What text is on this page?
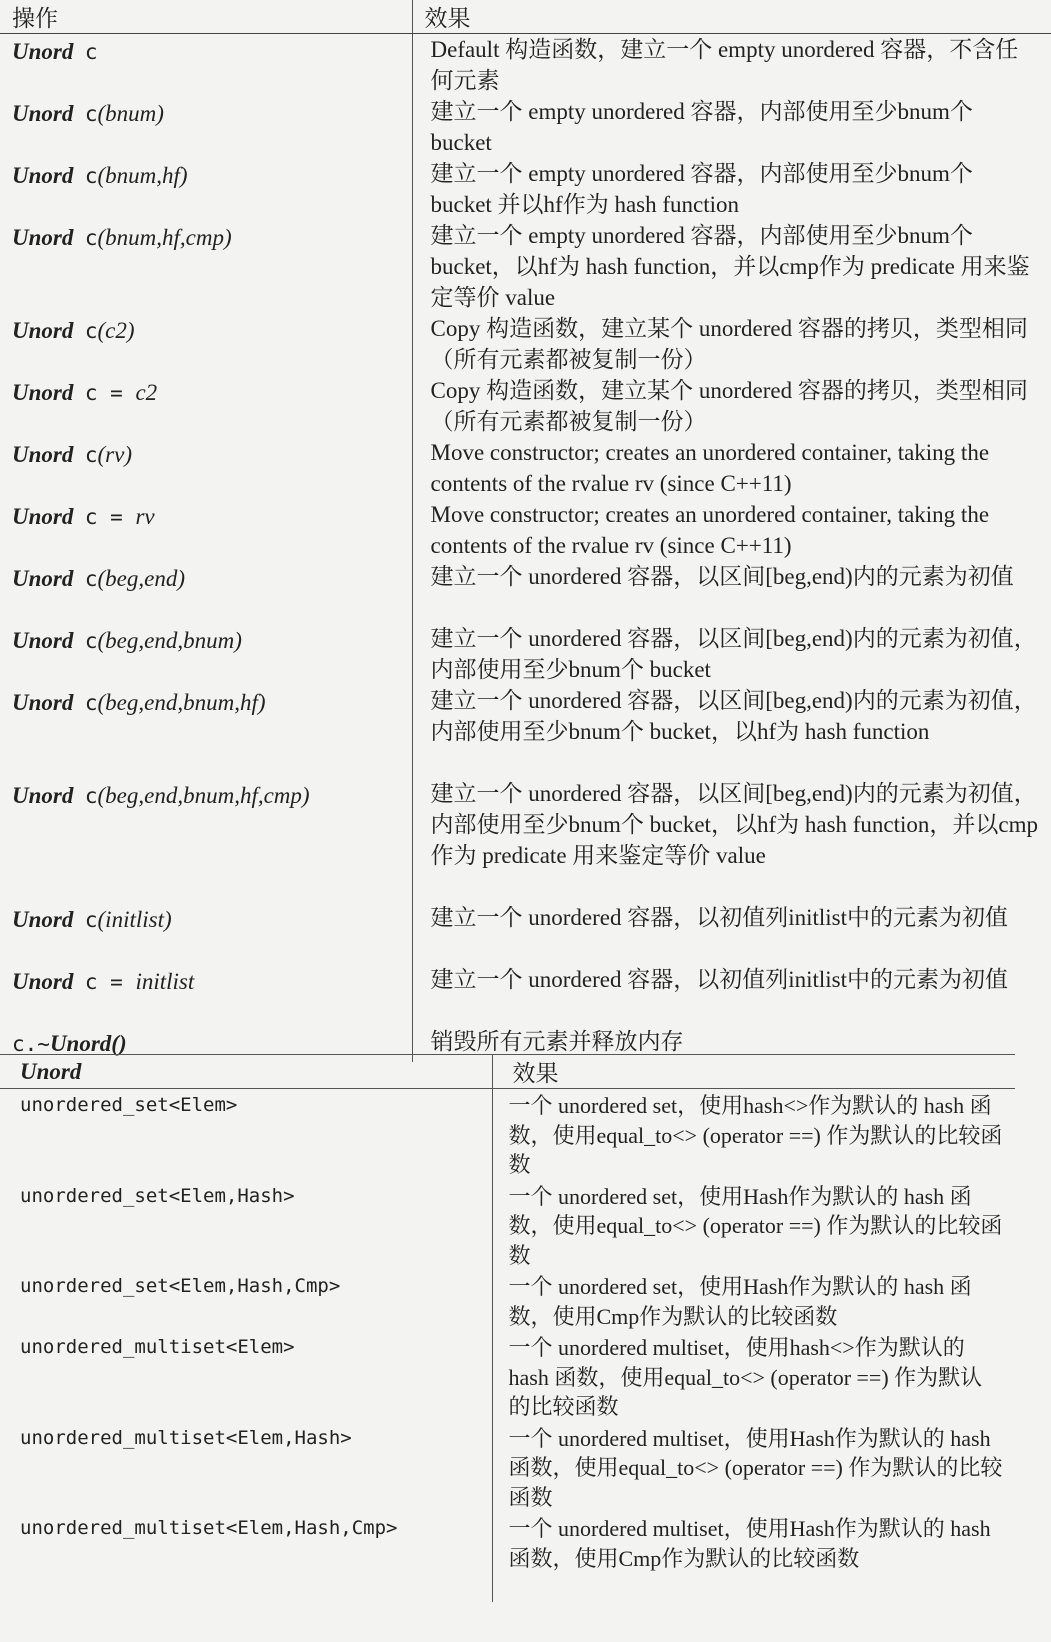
操作	效果
Unord c	Default 构造函数，建立一个 empty unordered 容器，不含任何元素
Unord c(bnum)	建立一个 empty unordered 容器，内部使用至少bnum个 bucket
Unord c(bnum,hf)	建立一个 empty unordered 容器，内部使用至少bnum个 bucket 并以hf作为 hash function
Unord c(bnum,hf,cmp)	建立一个 empty unordered 容器，内部使用至少bnum个 bucket，以hf为 hash function，并以cmp作为 predicate 用来鉴定等价 value
Unord c(c2)	Copy 构造函数，建立某个 unordered 容器的拷贝，类型相同（所有元素都被复制一份）
Unord c = c2	Copy 构造函数，建立某个 unordered 容器的拷贝，类型相同（所有元素都被复制一份）
Unord c(rv)	Move constructor; creates an unordered container, taking the contents of the rvalue rv (since C++11)
Unord c = rv	Move constructor; creates an unordered container, taking the contents of the rvalue rv (since C++11)
Unord c(beg,end)	建立一个 unordered 容器，以区间[beg,end)内的元素为初值
Unord c(beg,end,bnum)	建立一个 unordered 容器，以区间[beg,end)内的元素为初值，内部使用至少bnum个 bucket
Unord c(beg,end,bnum,hf)	建立一个 unordered 容器，以区间[beg,end)内的元素为初值，内部使用至少bnum个 bucket，以hf为 hash function
Unord c(beg,end,bnum,hf,cmp)	建立一个 unordered 容器，以区间[beg,end)内的元素为初值，内部使用至少bnum个 bucket，以hf为 hash function，并以cmp作为 predicate 用来鉴定等价 value
Unord c(initlist)	建立一个 unordered 容器，以初值列initlist中的元素为初值
Unord c = initlist	建立一个 unordered 容器，以初值列initlist中的元素为初值
c.~Unord()	销毁所有元素并释放内存
Unord	效果
unordered_set<Elem>	一个 unordered set，使用hash<>作为默认的 hash 函数，使用equal_to<> (operator ==) 作为默认的比较函数
unordered_set<Elem,Hash>	一个 unordered set，使用Hash作为默认的 hash 函数，使用equal_to<> (operator ==) 作为默认的比较函数
unordered_set<Elem,Hash,Cmp>	一个 unordered set，使用Hash作为默认的 hash 函数，使用Cmp作为默认的比较函数
unordered_multiset<Elem>	一个 unordered multiset，使用hash<>作为默认的 hash 函数，使用equal_to<> (operator ==) 作为默认的比较函数
unordered_multiset<Elem,Hash>	一个 unordered multiset，使用Hash作为默认的 hash 函数，使用equal_to<> (operator ==) 作为默认的比较函数
unordered_multiset<Elem,Hash,Cmp>	一个 unordered multiset，使用Hash作为默认的 hash 函数，使用Cmp作为默认的比较函数
